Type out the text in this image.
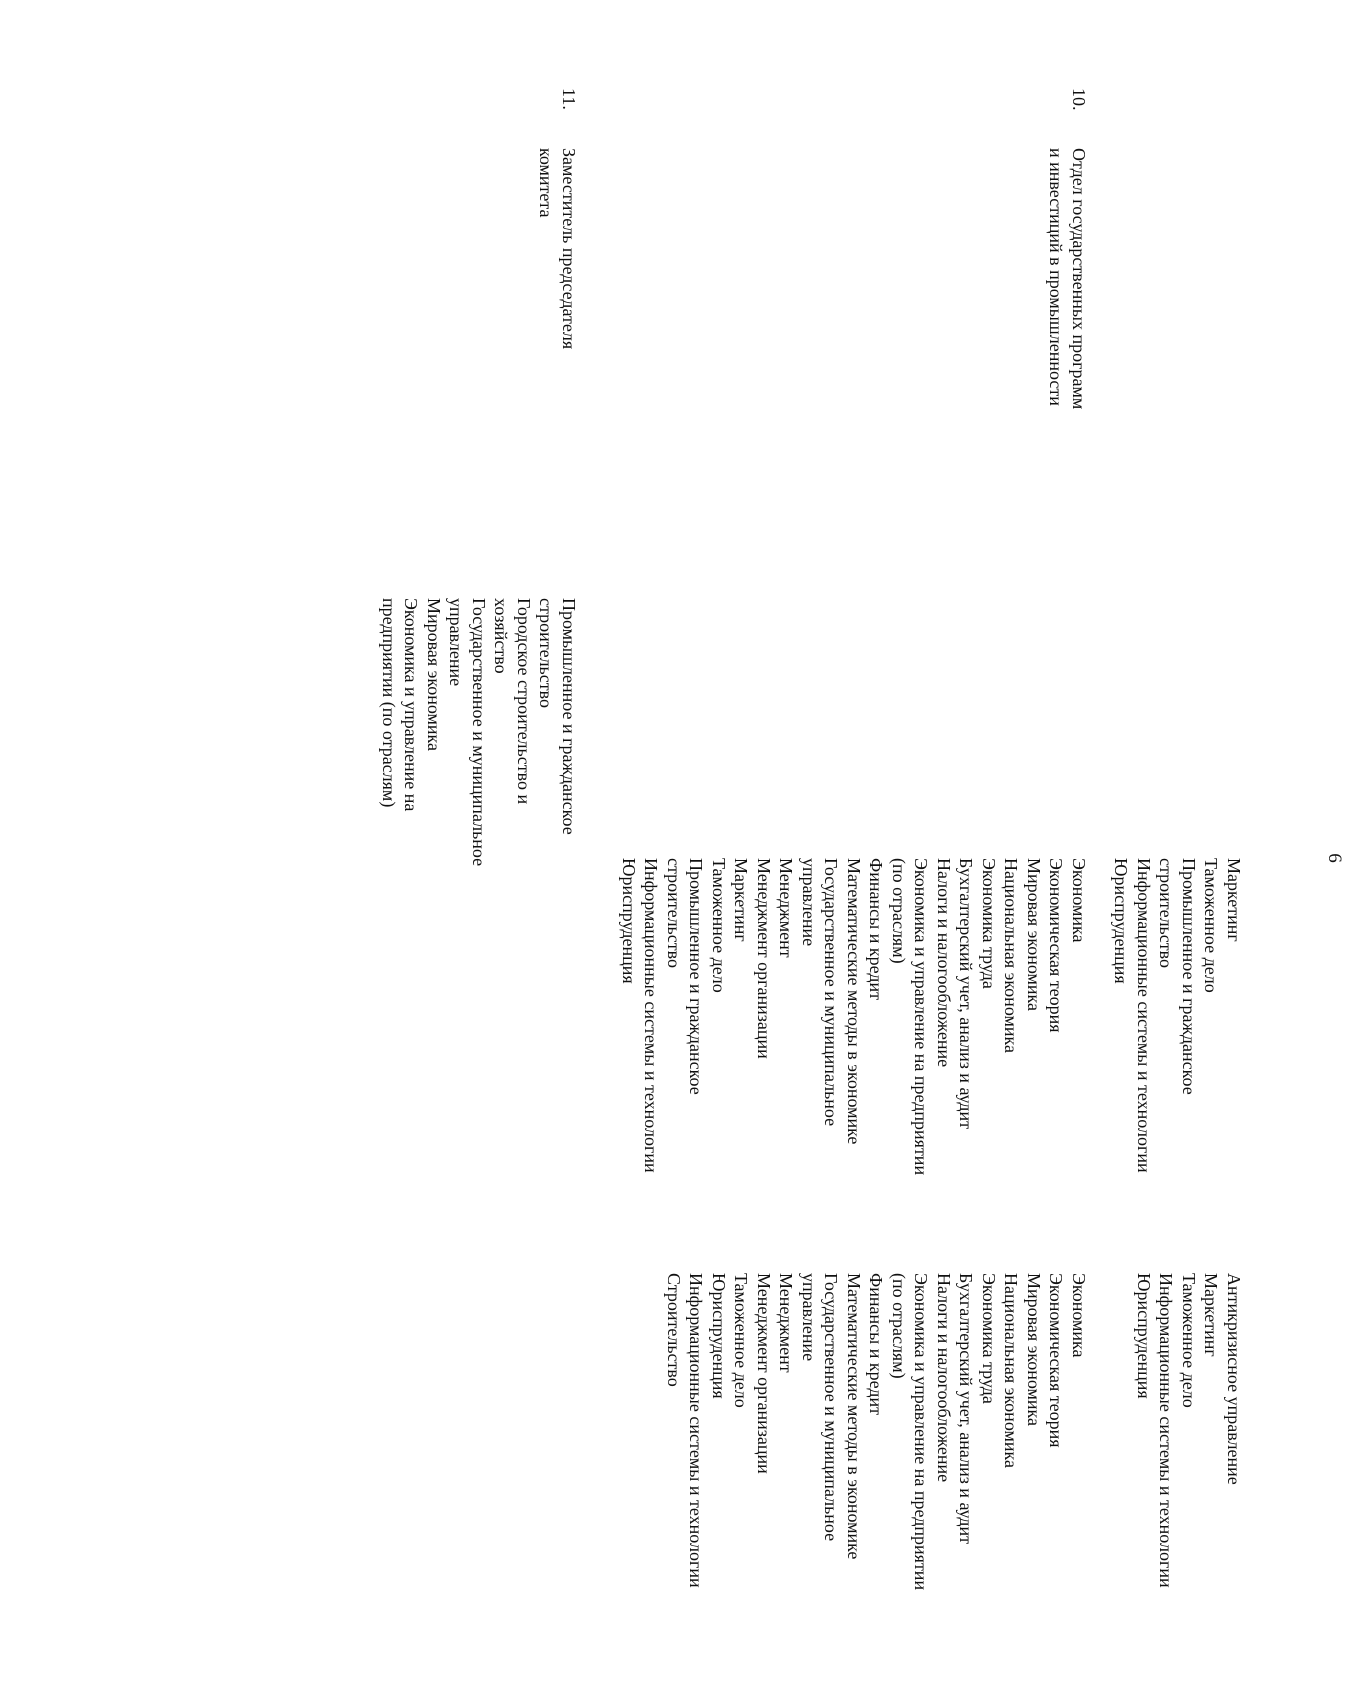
6
Маркетинг
Таможенное дело
Промышленное и гражданское
строительство
Информационные системы и технологии
Юриспруденция
Антикризисное управление
Маркетинг
Таможенное дело
Информационные системы и технологии
Юриспруденция
10.
Отдел государственных программ
и инвестиций в промышленности
Экономика
Экономическая теория
Мировая экономика
Национальная экономика
Экономика труда
Бухгалтерский учет, анализ и аудит
Налоги и налогообложение
Экономика и управление на предприятии
(по отраслям)
Финансы и кредит
Математические методы в экономике
Государственное и муниципальное
управление
Менеджмент
Менеджмент организации
Маркетинг
Таможенное дело
Промышленное и гражданское
строительство
Информационные системы и технологии
Юриспруденция
Экономика
Экономическая теория
Мировая экономика
Национальная экономика
Экономика труда
Бухгалтерский учет, анализ и аудит
Налоги и налогообложение
Экономика и управление на предприятии
(по отраслям)
Финансы и кредит
Математические методы в экономике
Государственное и муниципальное
управление
Менеджмент
Менеджмент организации
Таможенное дело
Юриспруденция
Информационные системы и технологии
Строительство
11.
Заместитель председателя
комитета
Промышленное и гражданское
строительство
Городское строительство и
хозяйство
Государственное и муниципальное
управление
Мировая экономика
Экономика и управление на
предприятии (по отраслям)
